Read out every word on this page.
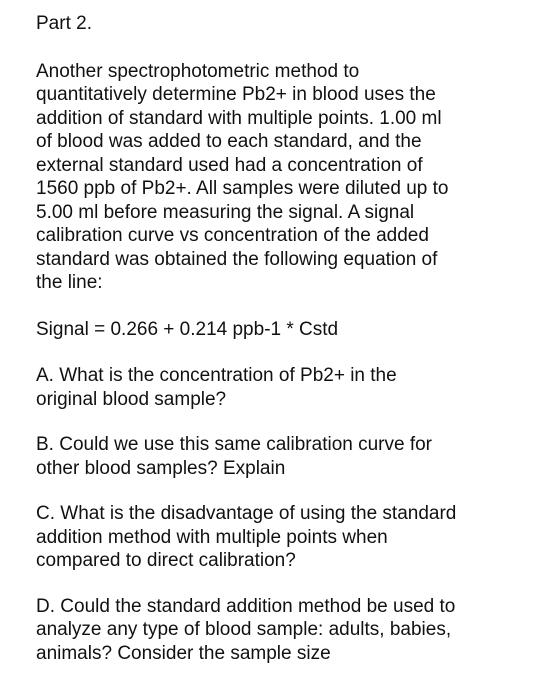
Part 2.
Another spectrophotometric method to
quantitatively determine Pb2+ in blood uses the
addition of standard with multiple points. 1.00 ml
of blood was added to each standard, and the
external standard used had a concentration of
1560 ppb of Pb2+. All samples were diluted up to
5.00 ml before measuring the signal. A signal
calibration curve vs concentration of the added
standard was obtained the following equation of
the line:
Signal = 0.266 + 0.214 ppb-1 * Cstd
A. What is the concentration of Pb2+ in the
original blood sample?
B. Could we use this same calibration curve for
other blood samples? Explain
C. What is the disadvantage of using the standard
addition method with multiple points when
compared to direct calibration?
D. Could the standard addition method be used to
analyze any type of blood sample: adults, babies,
animals? Consider the sample size
